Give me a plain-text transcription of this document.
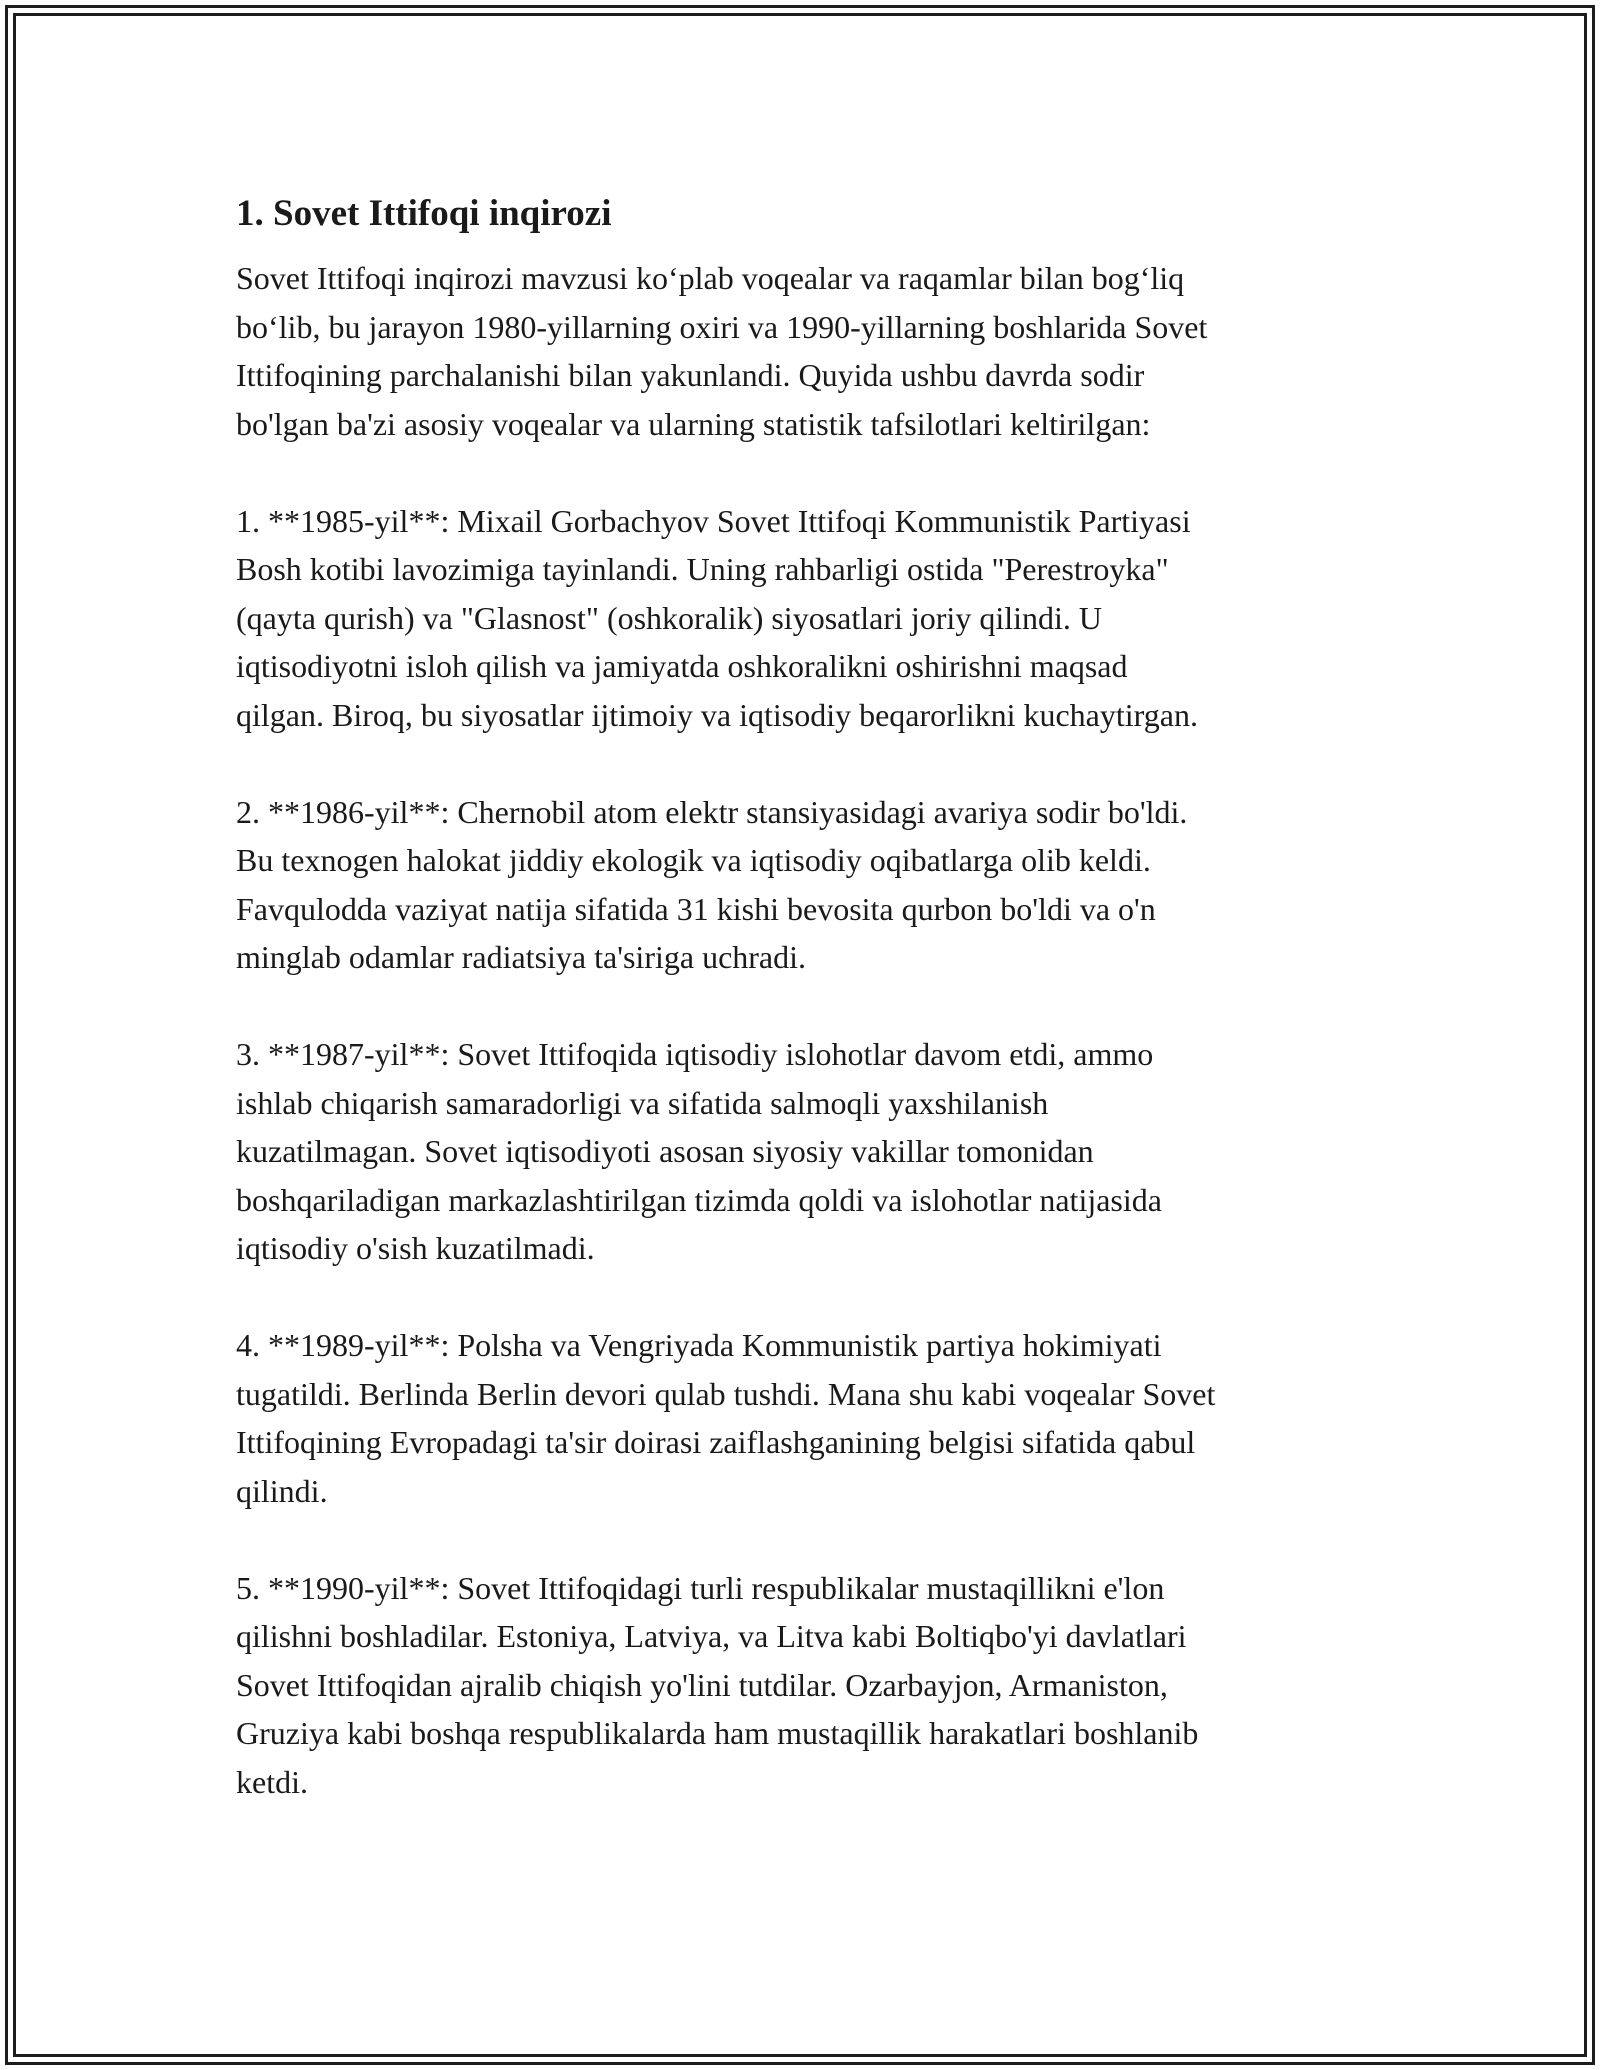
1. Sovet Ittifoqi inqirozi

Sovet Ittifoqi inqirozi mavzusi ko‘plab voqealar va raqamlar bilan bog‘liq
bo‘lib, bu jarayon 1980-yillarning oxiri va 1990-yillarning boshlarida Sovet
Ittifoqining parchalanishi bilan yakunlandi. Quyida ushbu davrda sodir
bo'lgan ba'zi asosiy voqealar va ularning statistik tafsilotlari keltirilgan:

1. **1985-yil**: Mixail Gorbachyov Sovet Ittifoqi Kommunistik Partiyasi
Bosh kotibi lavozimiga tayinlandi. Uning rahbarligi ostida "Perestroyka"
(qayta qurish) va "Glasnost" (oshkoralik) siyosatlari joriy qilindi. U
iqtisodiyotni isloh qilish va jamiyatda oshkoralikni oshirishni maqsad
qilgan. Biroq, bu siyosatlar ijtimoiy va iqtisodiy beqarorlikni kuchaytirgan.

2. **1986-yil**: Chernobil atom elektr stansiyasidagi avariya sodir bo'ldi.
Bu texnogen halokat jiddiy ekologik va iqtisodiy oqibatlarga olib keldi.
Favqulodda vaziyat natija sifatida 31 kishi bevosita qurbon bo'ldi va o'n
minglab odamlar radiatsiya ta'siriga uchradi.

3. **1987-yil**: Sovet Ittifoqida iqtisodiy islohotlar davom etdi, ammo
ishlab chiqarish samaradorligi va sifatida salmoqli yaxshilanish
kuzatilmagan. Sovet iqtisodiyoti asosan siyosiy vakillar tomonidan
boshqariladigan markazlashtirilgan tizimda qoldi va islohotlar natijasida
iqtisodiy o'sish kuzatilmadi.

4. **1989-yil**: Polsha va Vengriyada Kommunistik partiya hokimiyati
tugatildi. Berlinda Berlin devori qulab tushdi. Mana shu kabi voqealar Sovet
Ittifoqining Evropadagi ta'sir doirasi zaiflashganining belgisi sifatida qabul
qilindi.

5. **1990-yil**: Sovet Ittifoqidagi turli respublikalar mustaqillikni e'lon
qilishni boshladilar. Estoniya, Latviya, va Litva kabi Boltiqbo'yi davlatlari
Sovet Ittifoqidan ajralib chiqish yo'lini tutdilar. Ozarbayjon, Armaniston,
Gruziya kabi boshqa respublikalarda ham mustaqillik harakatlari boshlanib
ketdi.
